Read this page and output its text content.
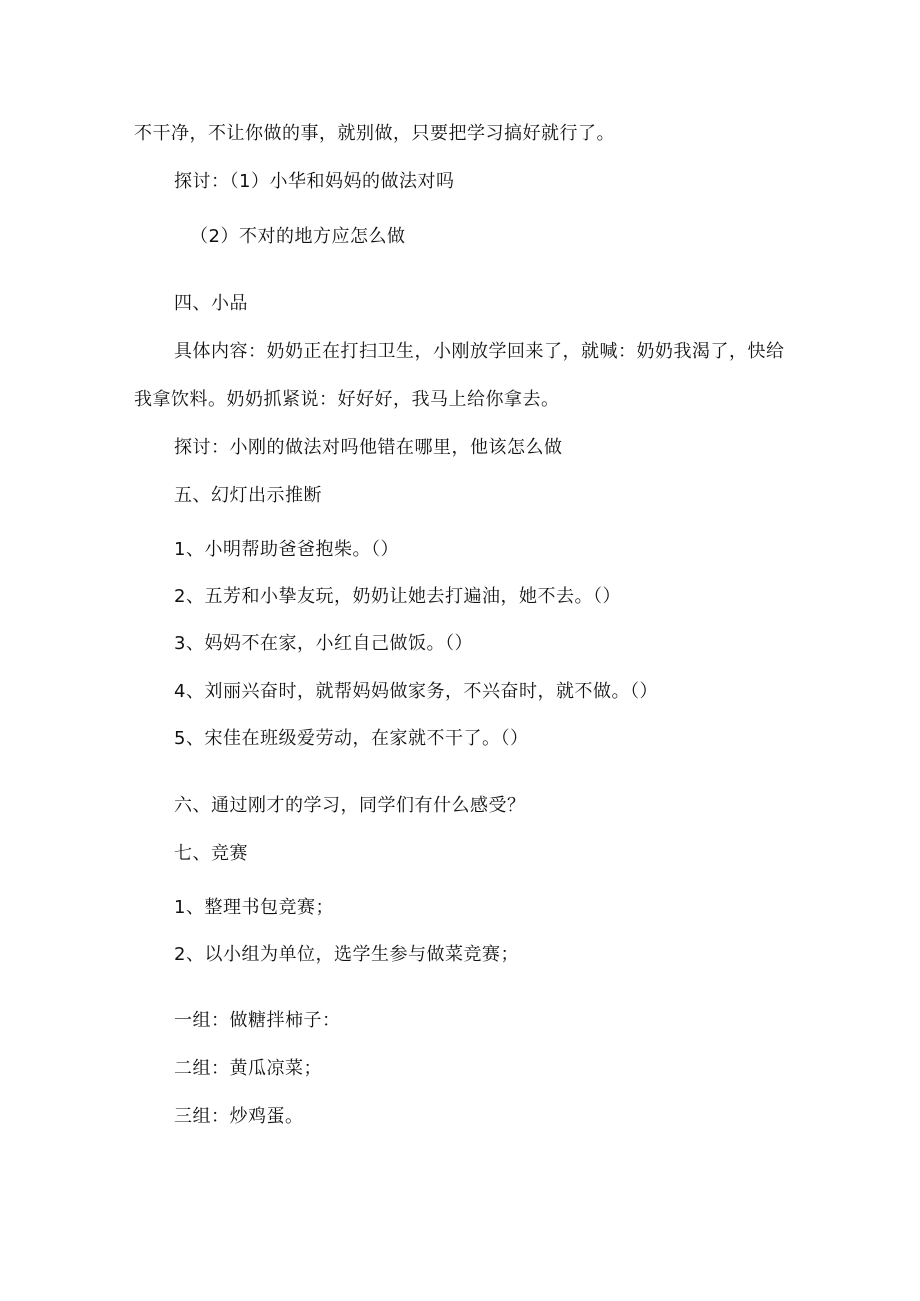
不干净，不让你做的事，就别做，只要把学习搞好就行了。
探讨：（1）小华和妈妈的做法对吗
（2）不对的地方应怎么做
四、小品
具体内容：奶奶正在打扫卫生，小刚放学回来了，就喊：奶奶我渴了，快给
我拿饮料。奶奶抓紧说：好好好，我马上给你拿去。
探讨：小刚的做法对吗他错在哪里，他该怎么做
五、幻灯出示推断
1、小明帮助爸爸抱柴。（）
2、五芳和小挚友玩，奶奶让她去打遍油，她不去。（）
3、妈妈不在家，小红自己做饭。（）
4、刘丽兴奋时，就帮妈妈做家务，不兴奋时，就不做。（）
5、宋佳在班级爱劳动，在家就不干了。（）
六、通过刚才的学习，同学们有什么感受？
七、竞赛
1、整理书包竞赛；
2、以小组为单位，选学生参与做菜竞赛；
一组：做糖拌柿子：
二组：黄瓜凉菜；
三组：炒鸡蛋。
